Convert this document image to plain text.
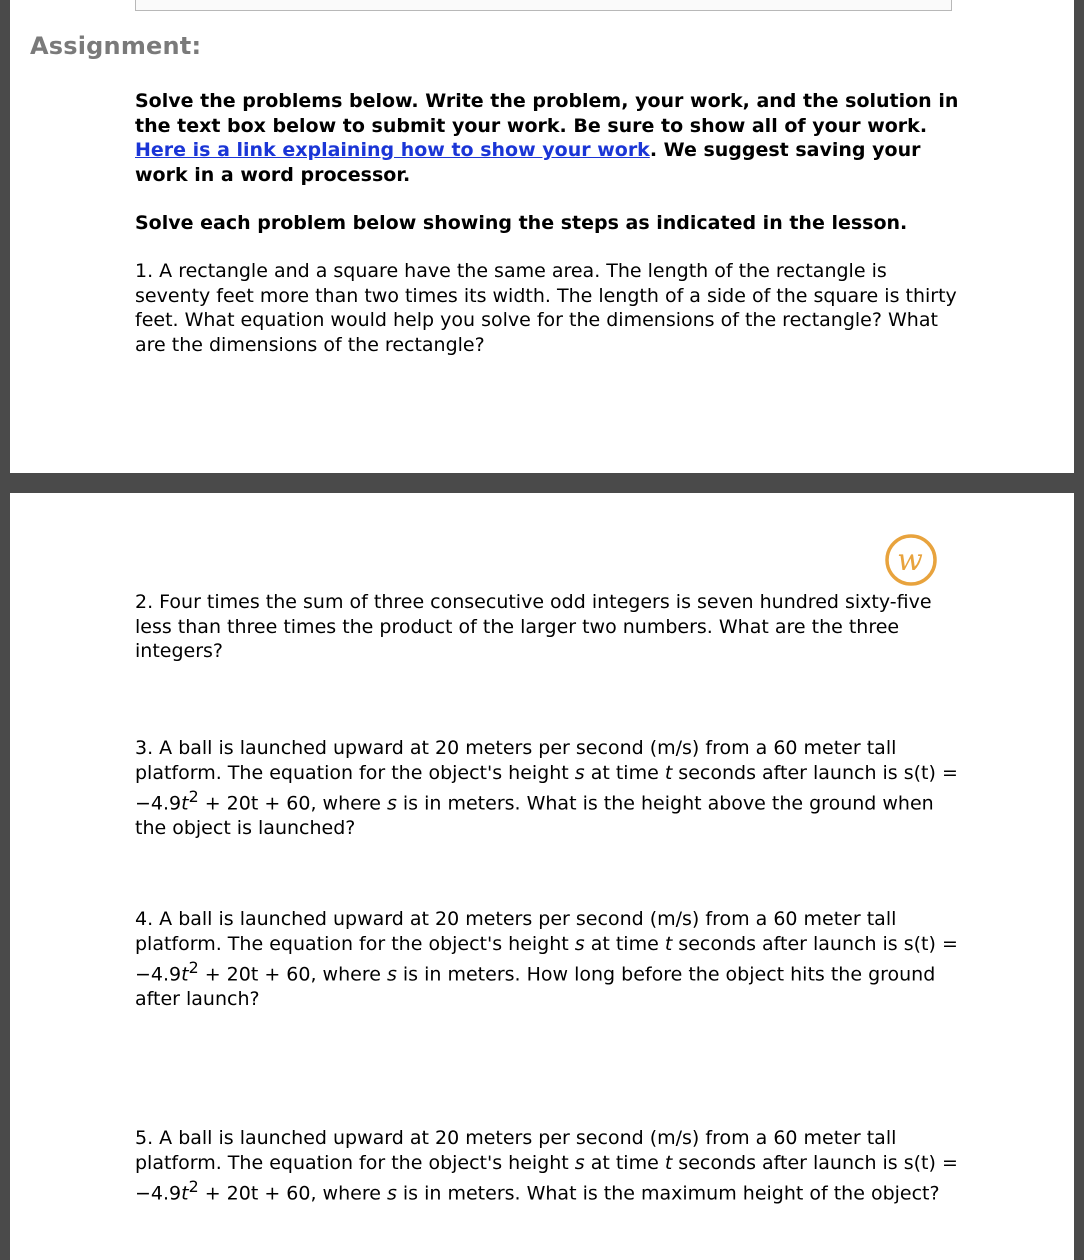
Assignment:
Solve the problems below. Write the problem, your work, and the solution in the text box below to submit your work. Be sure to show all of your work. Here is a link explaining how to show your work. We suggest saving your work in a word processor.
Solve each problem below showing the steps as indicated in the lesson.
1. A rectangle and a square have the same area. The length of the rectangle is seventy feet more than two times its width. The length of a side of the square is thirty feet. What equation would help you solve for the dimensions of the rectangle? What are the dimensions of the rectangle?
w
2. Four times the sum of three consecutive odd integers is seven hundred sixty-five less than three times the product of the larger two numbers. What are the three integers?
3. A ball is launched upward at 20 meters per second (m/s) from a 60 meter tall platform. The equation for the object's height s at time t seconds after launch is $s(t) = -4.9t^2 + 20t + 60$, where s is in meters. What is the height above the ground when the object is launched?
4. A ball is launched upward at 20 meters per second (m/s) from a 60 meter tall platform. The equation for the object's height s at time t seconds after launch is $s(t) = -4.9t^2 + 20t + 60$, where s is in meters. How long before the object hits the ground after launch?
5. A ball is launched upward at 20 meters per second (m/s) from a 60 meter tall platform. The equation for the object's height s at time t seconds after launch is $s(t) = -4.9t^2 + 20t + 60$, where s is in meters. What is the maximum height of the object?
